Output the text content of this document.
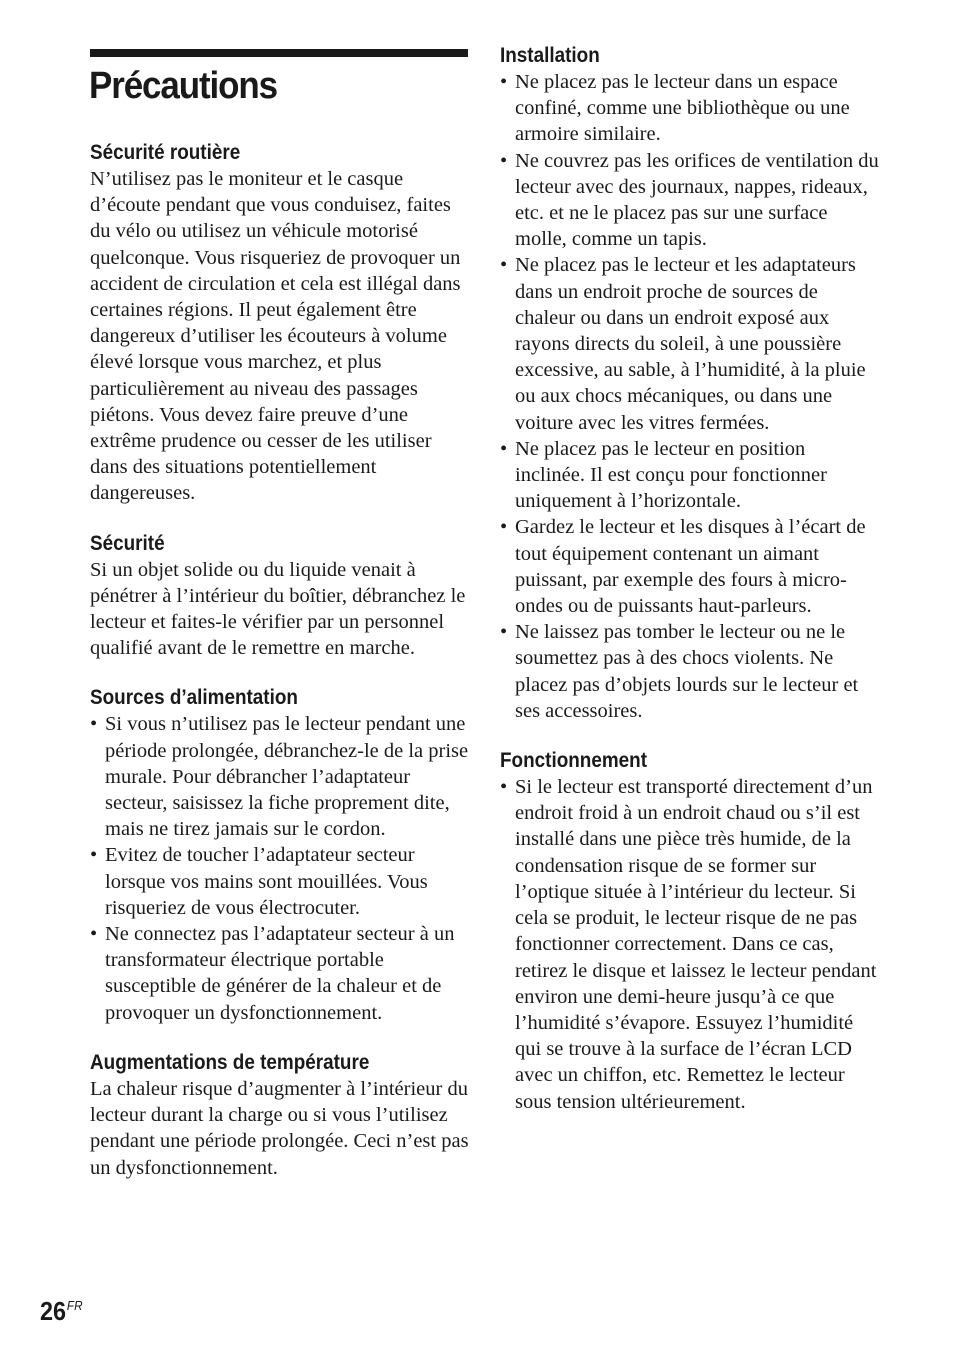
Précautions
Sécurité routière

N’utilisez pas le moniteur et le casque d’écoute pendant que vous conduisez, faites du vélo ou utilisez un véhicule motorisé quelconque. Vous risqueriez de provoquer un accident de circulation et cela est illégal dans certaines régions. Il peut également être dangereux d’utiliser les écouteurs à volume élevé lorsque vous marchez, et plus particulièrement au niveau des passages piétons. Vous devez faire preuve d’une extrême prudence ou cesser de les utiliser dans des situations potentiellement dangereuses.

Sécurité

Si un objet solide ou du liquide venait à pénétrer à l’intérieur du boîtier, débranchez le lecteur et faites-le vérifier par un personnel qualifié avant de le remettre en marche.

Sources d’alimentation
• Si vous n’utilisez pas le lecteur pendant une période prolongée, débranchez-le de la prise murale. Pour débrancher l’adaptateur secteur, saisissez la fiche proprement dite, mais ne tirez jamais sur le cordon.
• Evitez de toucher l’adaptateur secteur lorsque vos mains sont mouillées. Vous risqueriez de vous électrocuter.
• Ne connectez pas l’adaptateur secteur à un transformateur électrique portable susceptible de générer de la chaleur et de provoquer un dysfonctionnement.
Augmentations de température

La chaleur risque d’augmenter à l’intérieur du lecteur durant la charge ou si vous l’utilisez pendant une période prolongée. Ceci n’est pas un dysfonctionnement.

Installation
• Ne placez pas le lecteur dans un espace confiné, comme une bibliothèque ou une armoire similaire.
• Ne couvrez pas les orifices de ventilation du lecteur avec des journaux, nappes, rideaux, etc. et ne le placez pas sur une surface molle, comme un tapis.
• Ne placez pas le lecteur et les adaptateurs dans un endroit proche de sources de chaleur ou dans un endroit exposé aux rayons directs du soleil, à une poussière excessive, au sable, à l’humidité, à la pluie ou aux chocs mécaniques, ou dans une voiture avec les vitres fermées.
• Ne placez pas le lecteur en position inclinée. Il est conçu pour fonctionner uniquement à l’horizontale.
• Gardez le lecteur et les disques à l’écart de tout équipement contenant un aimant puissant, par exemple des fours à micro-ondes ou de puissants haut-parleurs.
• Ne laissez pas tomber le lecteur ou ne le soumettez pas à des chocs violents. Ne placez pas d’objets lourds sur le lecteur et ses accessoires.
Fonctionnement
• Si le lecteur est transporté directement d’un endroit froid à un endroit chaud ou s’il est installé dans une pièce très humide, de la condensation risque de se former sur l’optique située à l’intérieur du lecteur. Si cela se produit, le lecteur risque de ne pas fonctionner correctement. Dans ce cas, retirez le disque et laissez le lecteur pendant environ une demi-heure jusqu’à ce que l’humidité s’évapore. Essuyez l’humidité qui se trouve à la surface de l’écran LCD avec un chiffon, etc. Remettez le lecteur sous tension ultérieurement.
$26^{FR}$
